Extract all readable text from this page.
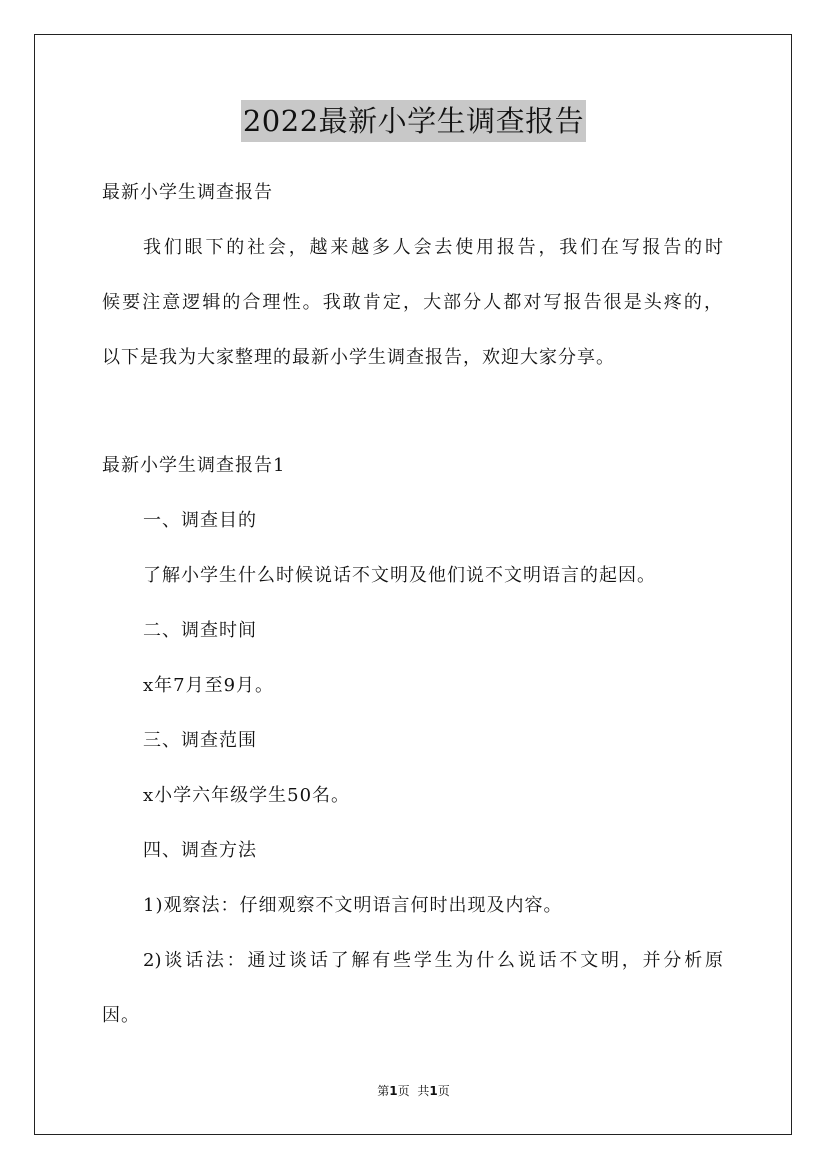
2022最新小学生调查报告
最新小学生调查报告
我们眼下的社会，越来越多人会去使用报告，我们在写报告的时
候要注意逻辑的合理性。我敢肯定，大部分人都对写报告很是头疼的，
以下是我为大家整理的最新小学生调查报告，欢迎大家分享。
最新小学生调查报告1
一、调查目的
了解小学生什么时候说话不文明及他们说不文明语言的起因。
二、调查时间
x年7月至9月。
三、调查范围
x小学六年级学生50名。
四、调查方法
1)观察法：仔细观察不文明语言何时出现及内容。
2)谈话法：通过谈话了解有些学生为什么说话不文明，并分析原
因。
第1页 共1页
